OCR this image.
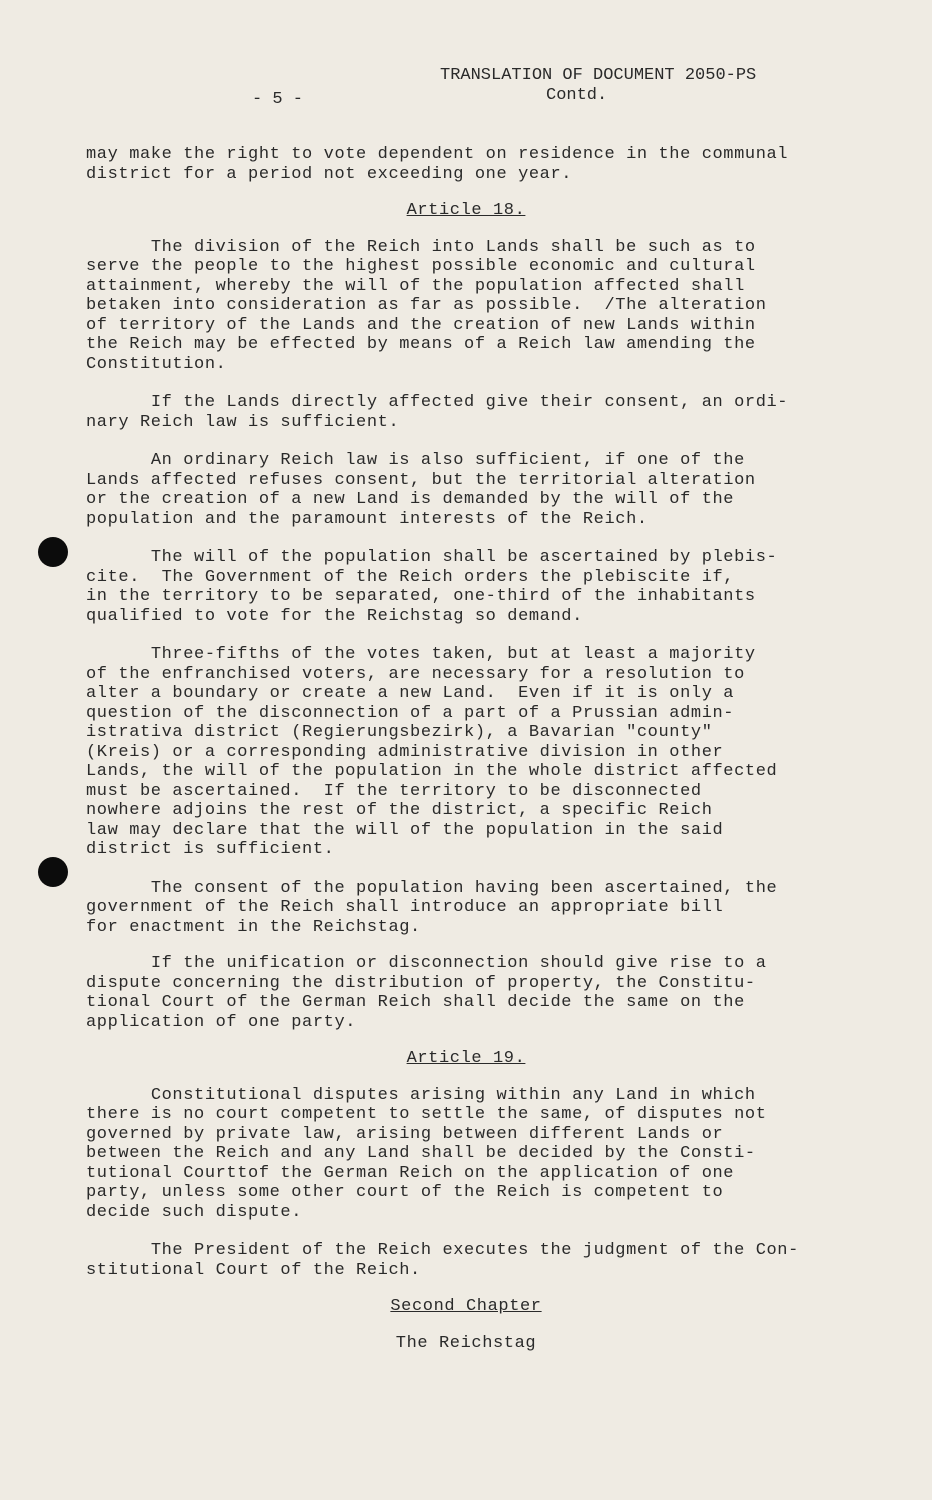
TRANSLATION OF DOCUMENT 2050-PS
Contd.
- 5 -

may make the right to vote dependent on residence in the communal
district for a period not exceeding one year.

Article 18.

The division of the Reich into Lands shall be such as to
serve the people to the highest possible economic and cultural
attainment, whereby the will of the population affected shall
betaken into consideration as far as possible.  /The alteration
of territory of the Lands and the creation of new Lands within
the Reich may be effected by means of a Reich law amending the
Constitution.

If the Lands directly affected give their consent, an ordi-
nary Reich law is sufficient.

An ordinary Reich law is also sufficient, if one of the
Lands affected refuses consent, but the territorial alteration
or the creation of a new Land is demanded by the will of the
population and the paramount interests of the Reich.

The will of the population shall be ascertained by plebis-
cite.  The Government of the Reich orders the plebiscite if,
in the territory to be separated, one-third of the inhabitants
qualified to vote for the Reichstag so demand.

Three-fifths of the votes taken, but at least a majority
of the enfranchised voters, are necessary for a resolution to
alter a boundary or create a new Land.  Even if it is only a
question of the disconnection of a part of a Prussian admin-
istrativa district (Regierungsbezirk), a Bavarian "county"
(Kreis) or a corresponding administrative division in other
Lands, the will of the population in the whole district affected
must be ascertained.  If the territory to be disconnected
nowhere adjoins the rest of the district, a specific Reich
law may declare that the will of the population in the said
district is sufficient.

The consent of the population having been ascertained, the
government of the Reich shall introduce an appropriate bill
for enactment in the Reichstag.

If the unification or disconnection should give rise to a
dispute concerning the distribution of property, the Constitu-
tional Court of the German Reich shall decide the same on the
application of one party.

Article 19.

Constitutional disputes arising within any Land in which
there is no court competent to settle the same, of disputes not
governed by private law, arising between different Lands or
between the Reich and any Land shall be decided by the Consti-
tutional Courttof the German Reich on the application of one
party, unless some other court of the Reich is competent to
decide such dispute.

The President of the Reich executes the judgment of the Con-
stitutional Court of the Reich.

Second Chapter

The Reichstag
